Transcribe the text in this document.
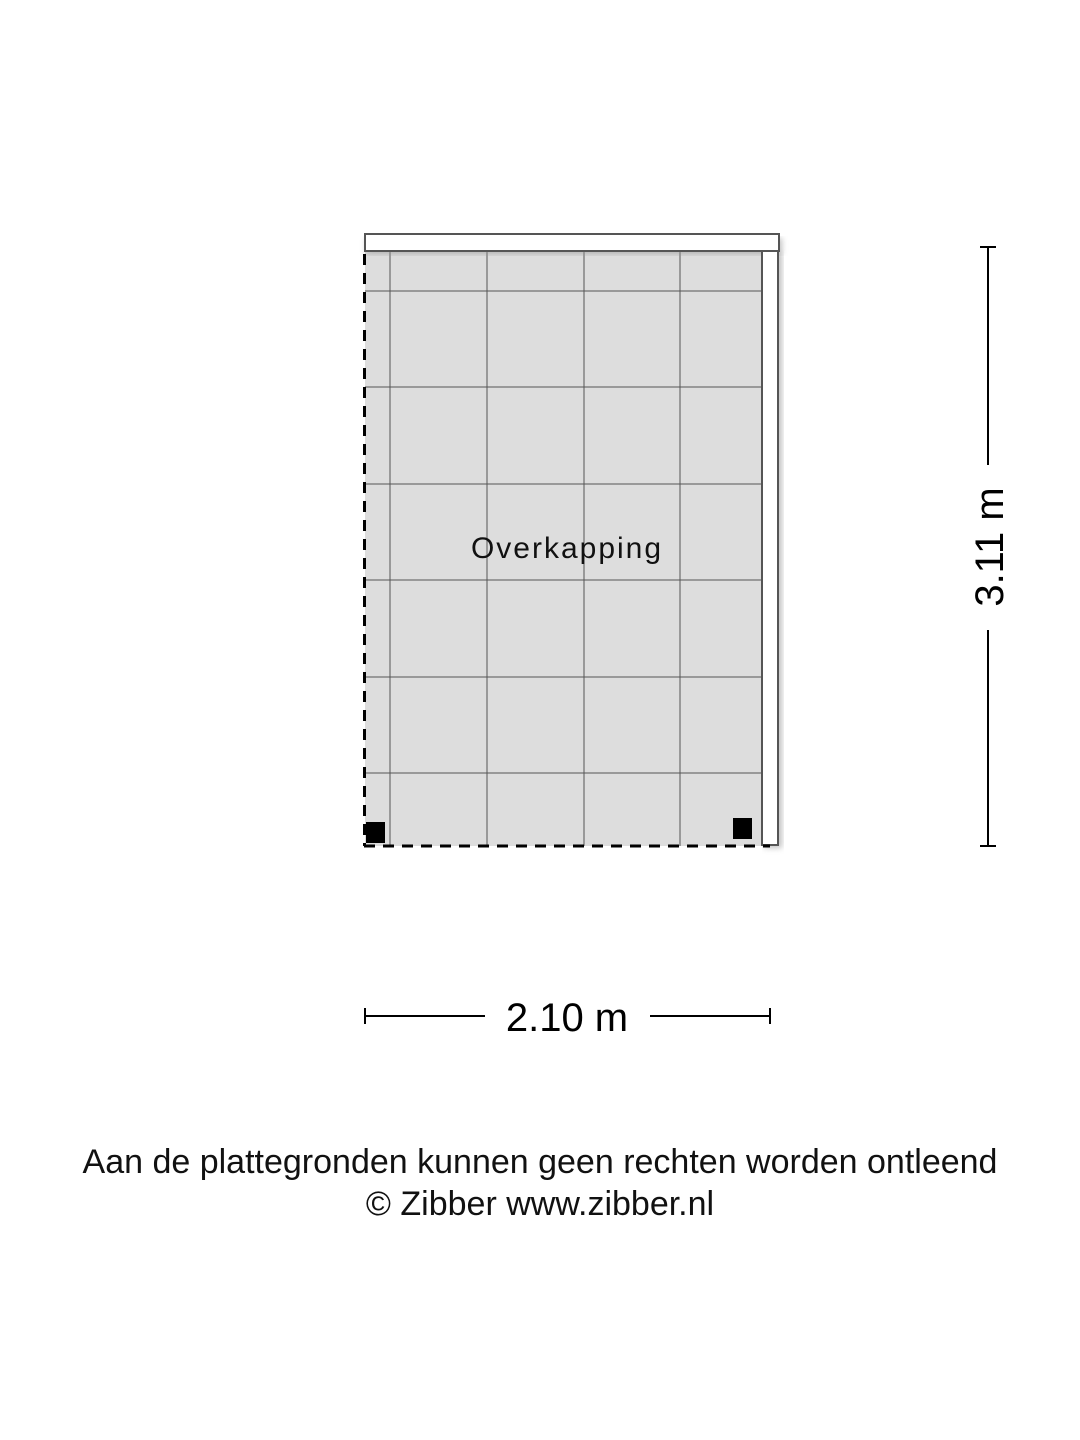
Overkapping
2.10 m
3.11 m
Aan de plattegronden kunnen geen rechten worden ontleend
© Zibber www.zibber.nl
